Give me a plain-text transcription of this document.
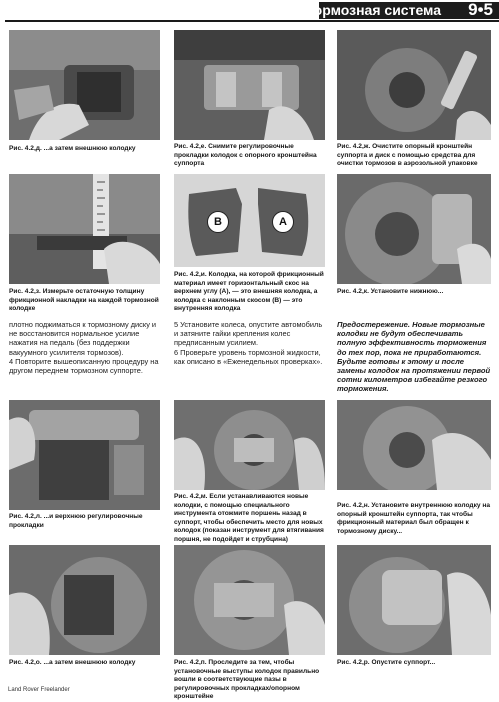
Тормозная система 9•5
Рис. 4.2,д. ...а затем внешнюю колодку	Рис. 4.2,е. Снимите регулировочные прокладки колодок с опорного кронштейна суппорта
Рис. 4.2,ж. Очистите опорный кронштейн суппорта и диск с помощью средства для очистки тормозов в аэрозольной упаковке
B	A
Рис. 4.2,з. Измерьте остаточную толщину фрикционной накладки на каждой тормозной колодке
Рис. 4.2,и. Колодка, на которой фрикционный материал имеет горизонтальный скос на верхнем углу (А), — это внешняя колодка, а колодка с наклонным скосом (В) — это внутренняя колодка
Рис. 4.2,к. Установите нижнюю...

плотно поджиматься к тормозному диску и не восстановится нормальное усилие нажатия на педаль (без поддержки вакуумного усилителя тормозов).

4 Повторите вышеописанную процедуру на другом переднем тормозном суппорте.

5 Установите колеса, опустите автомобиль и затяните гайки крепления колес предписанным усилием.

6 Проверьте уровень тормозной жидкости, как описано в «Еженедельных проверках».

Предостережение. Новые тормозные колодки не будут обеспечивать полную эффективность торможения до тех пор, пока не приработаются. Будьте готовы к этому и после замены колодок на протяжении первой сотни километров избегайте резкого торможения.
Рис. 4.2,л. ...и верхнюю регулировочные прокладки
Рис. 4.2,м. Если устанавливаются новые колодки, с помощью специального инструмента отожмите поршень назад в суппорт, чтобы обеспечить место для новых колодок (показан инструмент для втягивания поршня, не подойдет и струбцина)
Рис. 4.2,н. Установите внутреннюю колодку на опорный кронштейн суппорта, так чтобы фрикционный материал был обращен к тормозному диску...
Рис. 4.2,о. ...а затем внешнюю колодку	Рис. 4.2,п. Проследите за тем, чтобы установочные выступы колодок правильно вошли в соответствующие пазы в регулировочных прокладках/опорном кронштейне
Рис. 4.2,р. Опустите суппорт...
Land Rover Freelander
